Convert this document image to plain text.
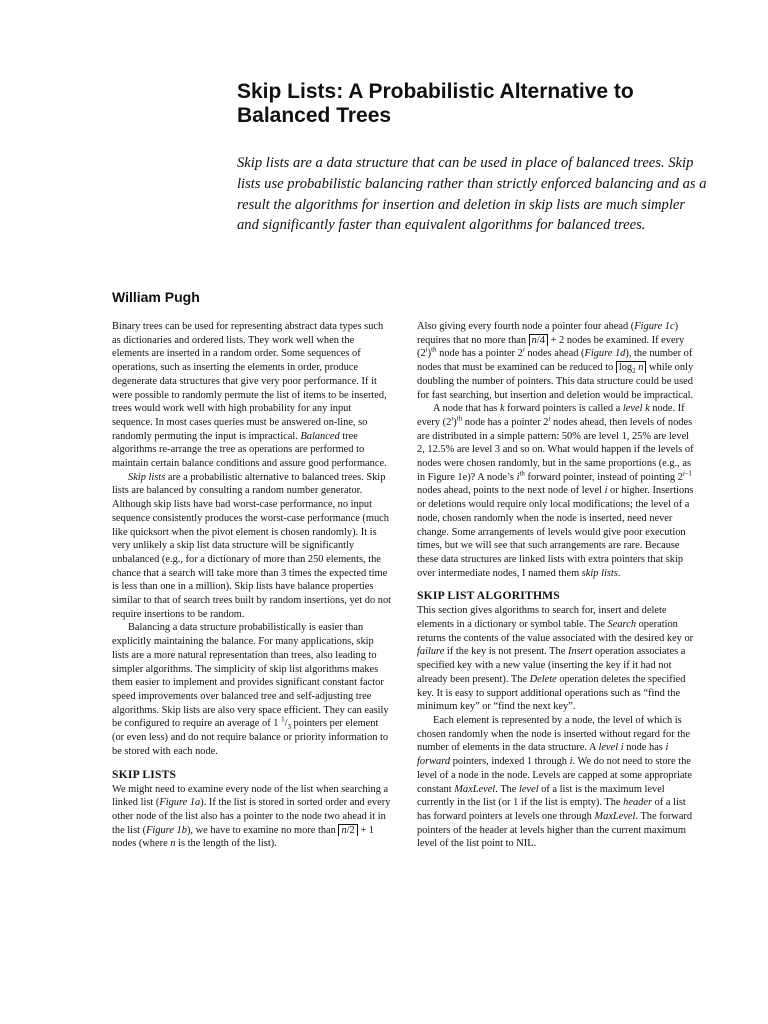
Skip Lists: A Probabilistic Alternative to Balanced Trees

Skip lists are a data structure that can be used in place of balanced trees. Skip lists use probabilistic balancing rather than strictly enforced balancing and as a result the algorithms for insertion and deletion in skip lists are much simpler and significantly faster than equivalent algorithms for balanced trees.

William Pugh

Binary trees can be used for representing abstract data types such as dictionaries and ordered lists. They work well when the elements are inserted in a random order. Some sequences of operations, such as inserting the elements in order, produce degenerate data structures that give very poor performance. If it were possible to randomly permute the list of items to be inserted, trees would work well with high probability for any input sequence. In most cases queries must be answered on-line, so randomly permuting the input is impractical. Balanced tree algorithms re-arrange the tree as operations are performed to maintain certain balance conditions and assure good performance.

Skip lists are a probabilistic alternative to balanced trees. Skip lists are balanced by consulting a random number generator. Although skip lists have bad worst-case performance, no input sequence consistently produces the worst-case performance (much like quicksort when the pivot element is chosen randomly). It is very unlikely a skip list data structure will be significantly unbalanced (e.g., for a dictionary of more than 250 elements, the chance that a search will take more than 3 times the expected time is less than one in a million). Skip lists have balance properties similar to that of search trees built by random insertions, yet do not require insertions to be random.

Balancing a data structure probabilistically is easier than explicitly maintaining the balance. For many applications, skip lists are a more natural representation than trees, also leading to simpler algorithms. The simplicity of skip list algorithms makes them easier to implement and provides significant constant factor speed improvements over balanced tree and self-adjusting tree algorithms. Skip lists are also very space efficient. They can easily be configured to require an average of 1 $^1/_3$ pointers per element (or even less) and do not require balance or priority information to be stored with each node.

SKIP LISTS

We might need to examine every node of the list when searching a linked list (Figure 1a). If the list is stored in sorted order and every other node of the list also has a pointer to the node two ahead it in the list (Figure 1b), we have to examine no more than n/2 + 1 nodes (where n is the length of the list).

Also giving every fourth node a pointer four ahead (Figure 1c) requires that no more than n/4 + 2 nodes be examined. If every $(2^i)^{th}$ node has a pointer 2$^i$ nodes ahead (Figure 1d), the number of nodes that must be examined can be reduced to $\log_2 n$ while only doubling the number of pointers. This data structure could be used for fast searching, but insertion and deletion would be impractical.

A node that has k forward pointers is called a level k node. If every $(2^i)^{th}$ node has a pointer 2$^i$ nodes ahead, then levels of nodes are distributed in a simple pattern: 50% are level 1, 25% are level 2, 12.5% are level 3 and so on. What would happen if the levels of nodes were chosen randomly, but in the same proportions (e.g., as in Figure 1e)? A node’s $i^{th}$ forward pointer, instead of pointing 2$^{i-1}$ nodes ahead, points to the next node of level i or higher. Insertions or deletions would require only local modifications; the level of a node, chosen randomly when the node is inserted, need never change. Some arrangements of levels would give poor execution times, but we will see that such arrangements are rare. Because these data structures are linked lists with extra pointers that skip over intermediate nodes, I named them skip lists.

SKIP LIST ALGORITHMS

This section gives algorithms to search for, insert and delete elements in a dictionary or symbol table. The Search operation returns the contents of the value associated with the desired key or failure if the key is not present. The Insert operation associates a specified key with a new value (inserting the key if it had not already been present). The Delete operation deletes the specified key. It is easy to support additional operations such as “find the minimum key” or “find the next key”.

Each element is represented by a node, the level of which is chosen randomly when the node is inserted without regard for the number of elements in the data structure. A level i node has i forward pointers, indexed 1 through i. We do not need to store the level of a node in the node. Levels are capped at some appropriate constant MaxLevel. The level of a list is the maximum level currently in the list (or 1 if the list is empty). The header of a list has forward pointers at levels one through MaxLevel. The forward pointers of the header at levels higher than the current maximum level of the list point to NIL.
